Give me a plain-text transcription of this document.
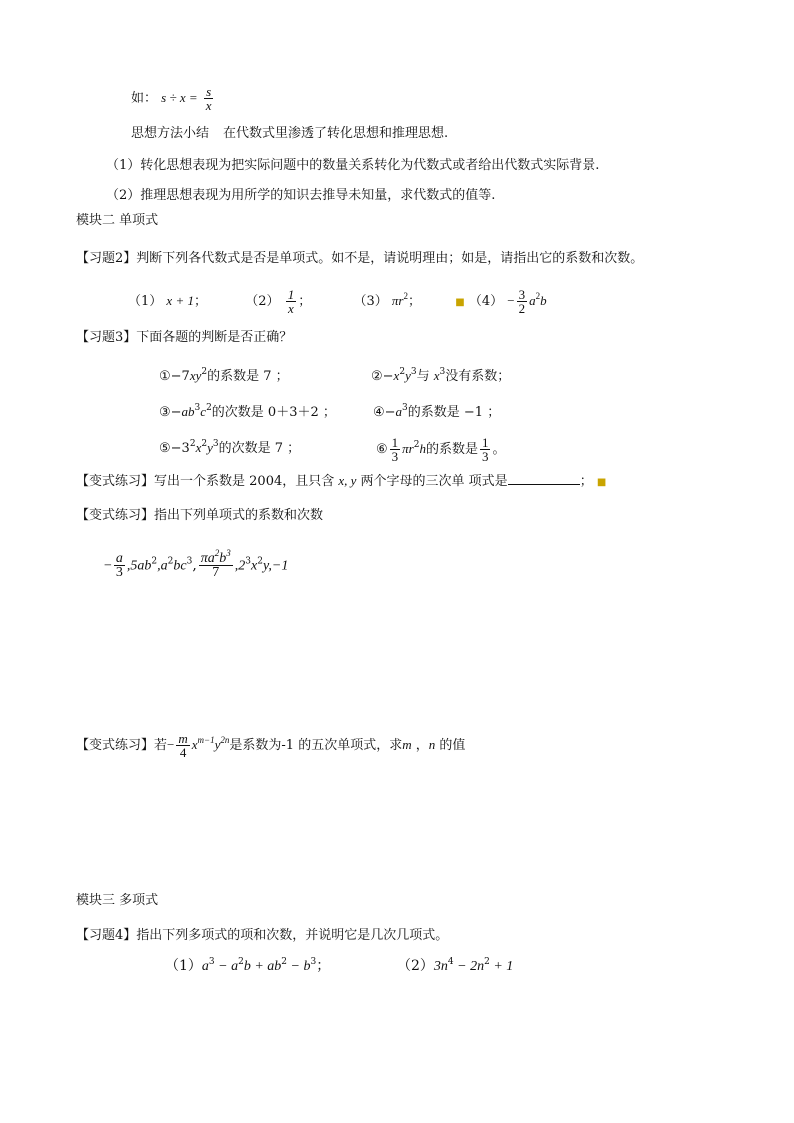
如： $s \div x = \frac{s}{x}$
思想方法小结 在代数式里渗透了转化思想和推理思想.
（1）转化思想表现为把实际问题中的数量关系转化为代数式或者给出代数式实际背景.
（2）推理思想表现为用所学的知识去推导未知量，求代数式的值等.
模块二 单项式
【习题2】判断下列各代数式是否是单项式。如不是，请说明理由；如是，请指出它的系数和次数。
（1） x + 1；	$(2) \frac{1}{x}$ ；	（3） $\pi r^2$；	■ $(4) - \frac{3}{2} a^2b$
【习题3】下面各题的判断是否正确？
$①-7xy^2$的系数是 7 ；	$②-x^2y^3$与 $x^3$没有系数；
$③-ab^3c^2$的次数是 0＋3＋2 ；	$④-a^3$的系数是 −1 ；
$⑤-3^2x^2y^3$的次数是 7 ；	⑥ $\frac{1}{3} \pi r^2h$的系数是 $\frac{1}{3}$ 。
【变式练习】写出一个系数是 2004，且只含 x, y 两个字母的三次单 项式是	； ■
【变式练习】指出下列单项式的系数和次数
− $\frac{a}{3} ,5ab^2,a^2bc^3$, $\frac{\pi a^2b^3}{7} ,2^3x^2y,-1$
【变式练习】若− $\frac{m}{4} x^{m-1}y^{2n}$是系数为-1 的五次单项式，求m ，n 的值
模块三 多项式
【习题4】指出下列多项式的项和次数，并说明它是几次几项式。
$(1)a^3 - a^2b + ab^2 - b^3$；	$(2)3n^4 - 2n^2 + 1$
